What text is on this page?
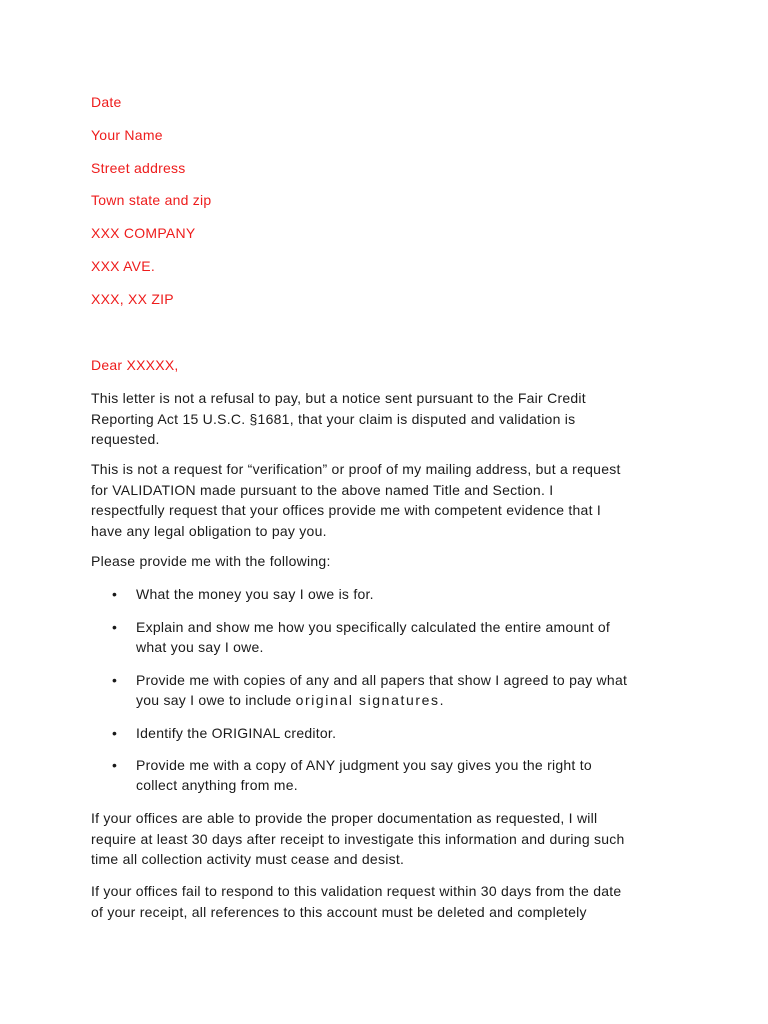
Date

Your Name

Street address

Town state and zip

XXX COMPANY

XXX AVE.

XXX, XX ZIP

Dear XXXXX,

This letter is not a refusal to pay, but a notice sent pursuant to the Fair Credit
Reporting Act 15 U.S.C. §1681, that your claim is disputed and validation is
requested.
This is not a request for “verification” or proof of my mailing address, but a request
for VALIDATION made pursuant to the above named Title and Section. I
respectfully request that your offices provide me with competent evidence that I
have any legal obligation to pay you.
Please provide me with the following:
•	What the money you say I owe is for.
•	Explain and show me how you specifically calculated the entire amount of
what you say I owe.
•	Provide me with copies of any and all papers that show I agreed to pay what
you say I owe to include original signatures.
•	Identify the ORIGINAL creditor.
•	Provide me with a copy of ANY judgment you say gives you the right to
collect anything from me.
If your offices are able to provide the proper documentation as requested, I will
require at least 30 days after receipt to investigate this information and during such
time all collection activity must cease and desist.
If your offices fail to respond to this validation request within 30 days from the date
of your receipt, all references to this account must be deleted and completely
